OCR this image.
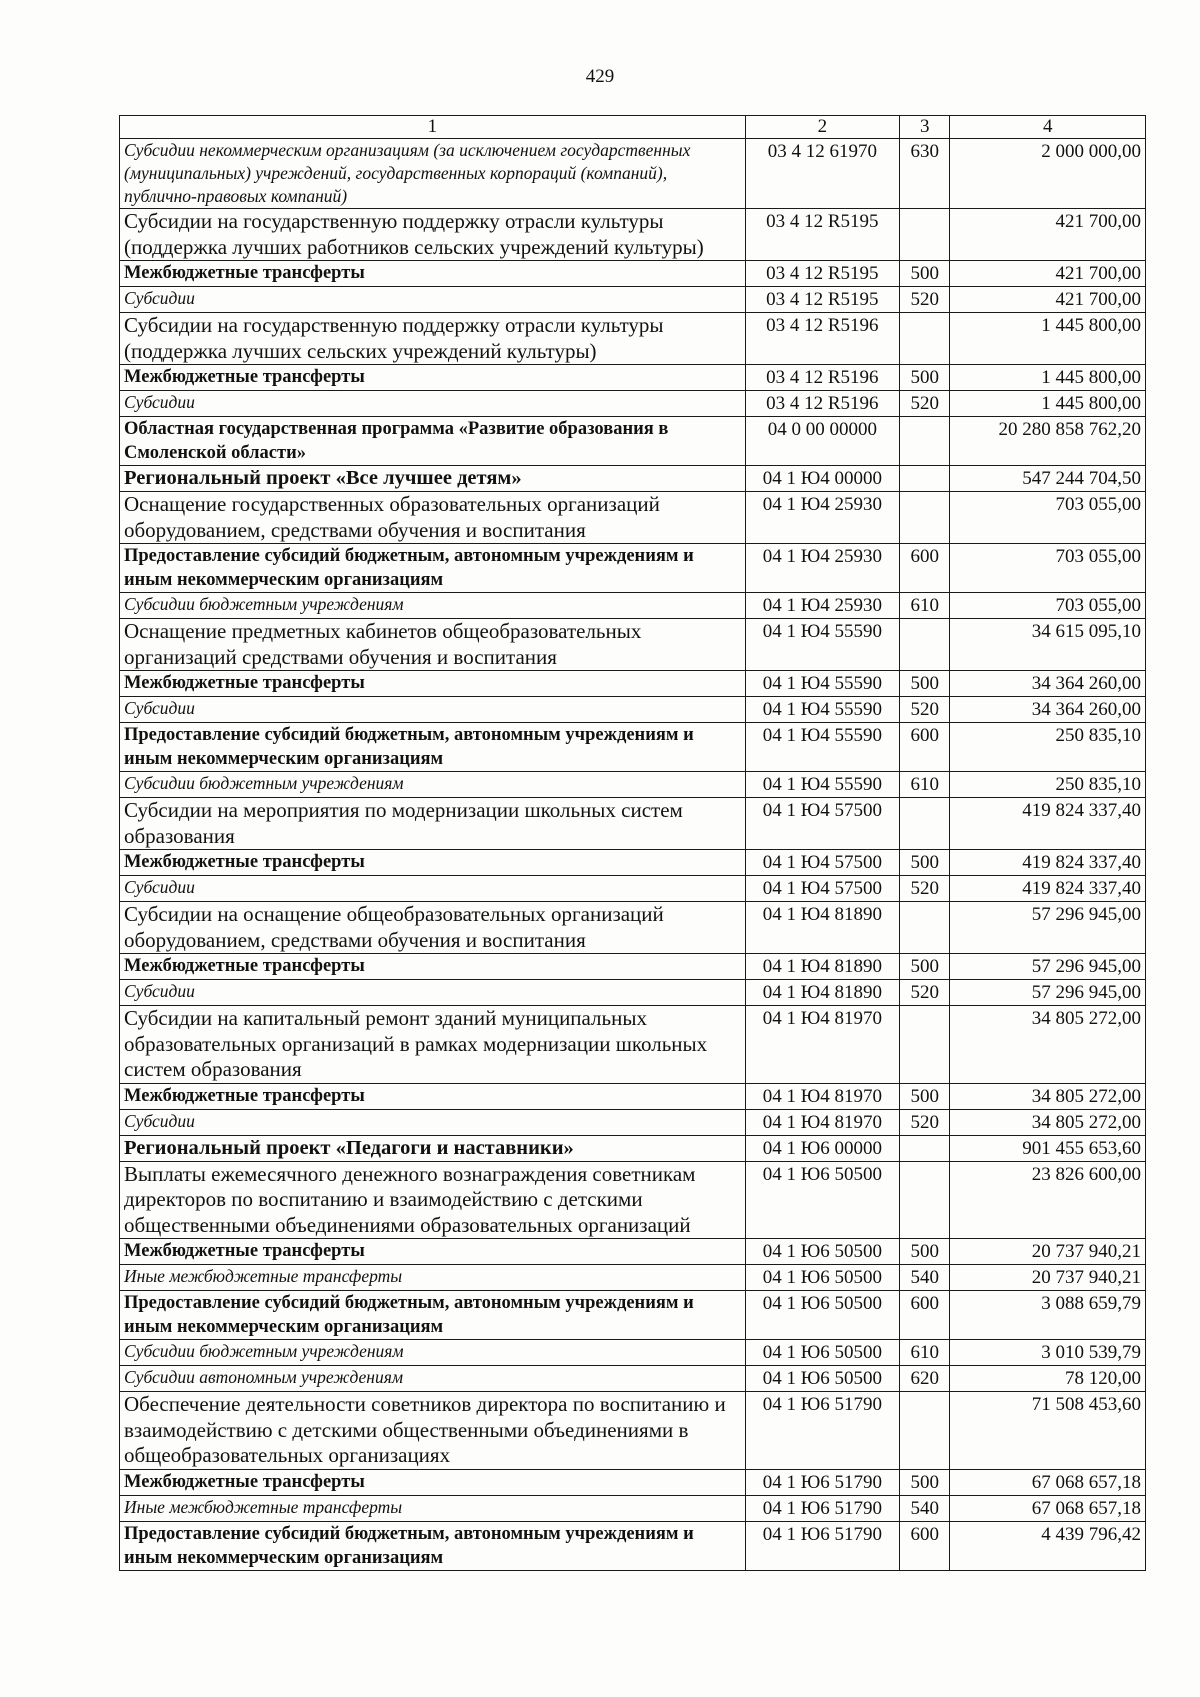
429
1	2	3	4
Субсидии некоммерческим организациям (за исключением государственных (муниципальных) учреждений, государственных корпораций (компаний), публично-правовых компаний)	03 4 12 61970	630	2 000 000,00
Субсидии на государственную поддержку отрасли культуры (поддержка лучших работников сельских учреждений культуры)	03 4 12 R5195		421 700,00
Межбюджетные трансферты	03 4 12 R5195	500	421 700,00
Субсидии	03 4 12 R5195	520	421 700,00
Субсидии на государственную поддержку отрасли культуры (поддержка лучших сельских учреждений культуры)	03 4 12 R5196		1 445 800,00
Межбюджетные трансферты	03 4 12 R5196	500	1 445 800,00
Субсидии	03 4 12 R5196	520	1 445 800,00
Областная государственная программа «Развитие образования в Смоленской области»	04 0 00 00000		20 280 858 762,20
Региональный проект «Все лучшее детям»	04 1 Ю4 00000		547 244 704,50
Оснащение государственных образовательных организаций оборудованием, средствами обучения и воспитания	04 1 Ю4 25930		703 055,00
Предоставление субсидий бюджетным, автономным учреждениям и иным некоммерческим организациям	04 1 Ю4 25930	600	703 055,00
Субсидии бюджетным учреждениям	04 1 Ю4 25930	610	703 055,00
Оснащение предметных кабинетов общеобразовательных организаций средствами обучения и воспитания	04 1 Ю4 55590		34 615 095,10
Межбюджетные трансферты	04 1 Ю4 55590	500	34 364 260,00
Субсидии	04 1 Ю4 55590	520	34 364 260,00
Предоставление субсидий бюджетным, автономным учреждениям и иным некоммерческим организациям	04 1 Ю4 55590	600	250 835,10
Субсидии бюджетным учреждениям	04 1 Ю4 55590	610	250 835,10
Субсидии на мероприятия по модернизации школьных систем образования	04 1 Ю4 57500		419 824 337,40
Межбюджетные трансферты	04 1 Ю4 57500	500	419 824 337,40
Субсидии	04 1 Ю4 57500	520	419 824 337,40
Субсидии на оснащение общеобразовательных организаций оборудованием, средствами обучения и воспитания	04 1 Ю4 81890		57 296 945,00
Межбюджетные трансферты	04 1 Ю4 81890	500	57 296 945,00
Субсидии	04 1 Ю4 81890	520	57 296 945,00
Субсидии на капитальный ремонт зданий муниципальных образовательных организаций в рамках модернизации школьных систем образования	04 1 Ю4 81970		34 805 272,00
Межбюджетные трансферты	04 1 Ю4 81970	500	34 805 272,00
Субсидии	04 1 Ю4 81970	520	34 805 272,00
Региональный проект «Педагоги и наставники»	04 1 Ю6 00000		901 455 653,60
Выплаты ежемесячного денежного вознаграждения советникам директоров по воспитанию и взаимодействию с детскими общественными объединениями образовательных организаций	04 1 Ю6 50500		23 826 600,00
Межбюджетные трансферты	04 1 Ю6 50500	500	20 737 940,21
Иные межбюджетные трансферты	04 1 Ю6 50500	540	20 737 940,21
Предоставление субсидий бюджетным, автономным учреждениям и иным некоммерческим организациям	04 1 Ю6 50500	600	3 088 659,79
Субсидии бюджетным учреждениям	04 1 Ю6 50500	610	3 010 539,79
Субсидии автономным учреждениям	04 1 Ю6 50500	620	78 120,00
Обеспечение деятельности советников директора по воспитанию и взаимодействию с детскими общественными объединениями в общеобразовательных организациях	04 1 Ю6 51790		71 508 453,60
Межбюджетные трансферты	04 1 Ю6 51790	500	67 068 657,18
Иные межбюджетные трансферты	04 1 Ю6 51790	540	67 068 657,18
Предоставление субсидий бюджетным, автономным учреждениям и иным некоммерческим организациям	04 1 Ю6 51790	600	4 439 796,42
